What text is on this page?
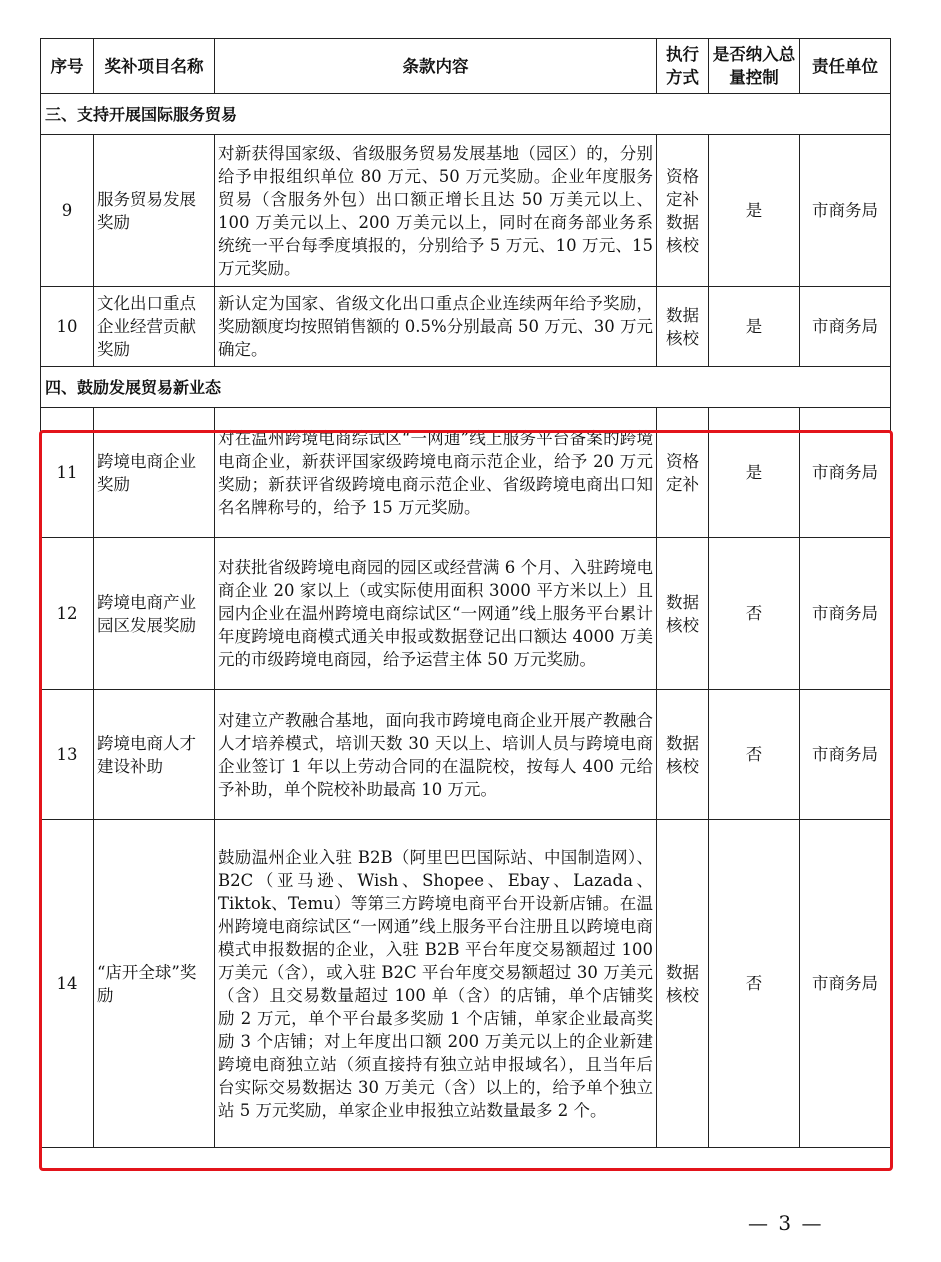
序号	奖补项目名称	条款内容	执行方式	是否纳入总量控制	责任单位
三、支持开展国际服务贸易					
9	服务贸易发展奖励	对新获得国家级、省级服务贸易发展基地（园区）的，分别给予申报组织单位 80 万元、50 万元奖励。企业年度服务贸易（含服务外包）出口额正增长且达 50 万美元以上、100 万美元以上、200 万美元以上，同时在商务部业务系统统一平台每季度填报的，分别给予 5 万元、10 万元、15 万元奖励。	资格定补数据核校	是	市商务局
10	文化出口重点企业经营贡献奖励	新认定为国家、省级文化出口重点企业连续两年给予奖励，奖励额度均按照销售额的 0.5%分别最高 50 万元、30 万元确定。	数据核校	是	市商务局
四、鼓励发展贸易新业态					
11	跨境电商企业奖励	对在温州跨境电商综试区“一网通”线上服务平台备案的跨境电商企业，新获评国家级跨境电商示范企业，给予 20 万元奖励；新获评省级跨境电商示范企业、省级跨境电商出口知名名牌称号的，给予 15 万元奖励。	资格定补	是	市商务局
12	跨境电商产业园区发展奖励	对获批省级跨境电商园的园区或经营满 6 个月、入驻跨境电商企业 20 家以上（或实际使用面积 3000 平方米以上）且园内企业在温州跨境电商综试区“一网通”线上服务平台累计年度跨境电商模式通关申报或数据登记出口额达 4000 万美元的市级跨境电商园，给予运营主体 50 万元奖励。	数据核校	否	市商务局
13	跨境电商人才建设补助	对建立产教融合基地，面向我市跨境电商企业开展产教融合人才培养模式，培训天数 30 天以上、培训人员与跨境电商企业签订 1 年以上劳动合同的在温院校，按每人 400 元给予补助，单个院校补助最高 10 万元。	数据核校	否	市商务局
14	“店开全球”奖励	鼓励温州企业入驻 B2B（阿里巴巴国际站、中国制造网）、B2C（亚马逊、Wish、Shopee、Ebay、Lazada、Tiktok、Temu）等第三方跨境电商平台开设新店铺。在温州跨境电商综试区“一网通”线上服务平台注册且以跨境电商模式申报数据的企业，入驻 B2B 平台年度交易额超过 100 万美元（含），或入驻 B2C 平台年度交易额超过 30 万美元（含）且交易数量超过 100 单（含）的店铺，单个店铺奖励 2 万元，单个平台最多奖励 1 个店铺，单家企业最高奖励 3 个店铺；对上年度出口额 200 万美元以上的企业新建跨境电商独立站（须直接持有独立站申报域名），且当年后台实际交易数据达 30 万美元（含）以上的，给予单个独立站 5 万元奖励，单家企业申报独立站数量最多 2 个。	数据核校	否	市商务局
— 3 —
